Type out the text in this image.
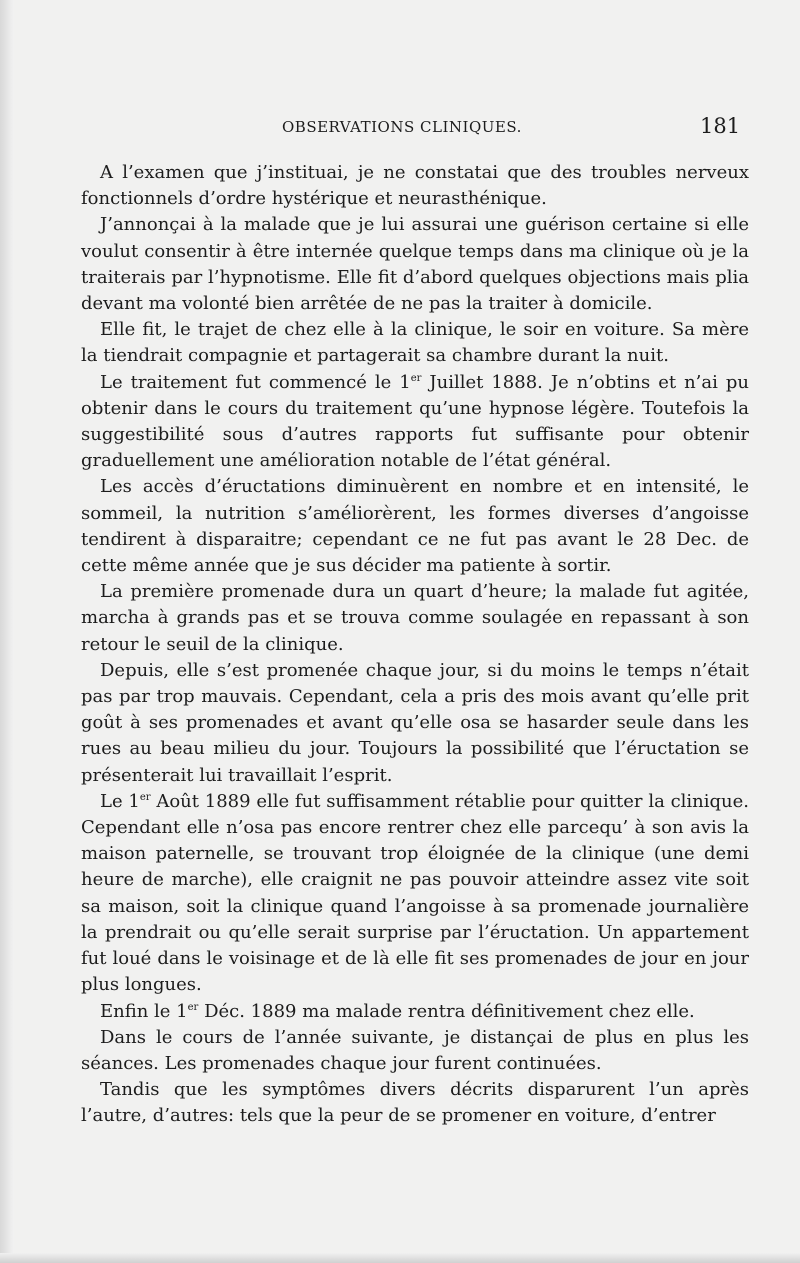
OBSERVATIONS CLINIQUES.	181

A l’examen que j’instituai, je ne constatai que des troubles nerveux fonctionnels d’ordre hystérique et neurasthénique.

J’annonçai à la malade que je lui assurai une guérison certaine si elle voulut consentir à être internée quelque temps dans ma clinique où je la traiterais par l’hypnotisme. Elle fit d’abord quelques objections mais plia devant ma volonté bien arrêtée de ne pas la traiter à domicile.

Elle fit, le trajet de chez elle à la clinique, le soir en voiture. Sa mère la tiendrait compagnie et partagerait sa chambre durant la nuit.

Le traitement fut commencé le 1er Juillet 1888. Je n’obtins et n’ai pu obtenir dans le cours du traitement qu’une hypnose légère. Toutefois la suggestibilité sous d’autres rapports fut suffisante pour obtenir graduellement une amélioration notable de l’état général.

Les accès d’éructations diminuèrent en nombre et en intensité, le sommeil, la nutrition s’améliorèrent, les formes diverses d’angoisse tendirent à disparaitre; cependant ce ne fut pas avant le 28 Dec. de cette même année que je sus décider ma patiente à sortir.

La première promenade dura un quart d’heure; la malade fut agitée, marcha à grands pas et se trouva comme soulagée en repassant à son retour le seuil de la clinique.

Depuis, elle s’est promenée chaque jour, si du moins le temps n’était pas par trop mauvais. Cependant, cela a pris des mois avant qu’elle prit goût à ses promenades et avant qu’elle osa se hasarder seule dans les rues au beau milieu du jour. Toujours la possibilité que l’éructation se présenterait lui travaillait l’esprit.

Le 1er Août 1889 elle fut suffisamment rétablie pour quitter la clinique. Cependant elle n’osa pas encore rentrer chez elle parcequ’ à son avis la maison paternelle, se trouvant trop éloignée de la clinique (une demi heure de marche), elle craignit ne pas pouvoir atteindre assez vite soit sa maison, soit la clinique quand l’angoisse à sa promenade journalière la prendrait ou qu’elle serait surprise par l’éructation. Un appartement fut loué dans le voisinage et de là elle fit ses promenades de jour en jour plus longues.

Enfin le 1er Déc. 1889 ma malade rentra définitivement chez elle.

Dans le cours de l’année suivante, je distançai de plus en plus les séances. Les promenades chaque jour furent continuées.

Tandis que les symptômes divers décrits disparurent l’un après l’autre, d’autres: tels que la peur de se promener en voiture, d’entrer
